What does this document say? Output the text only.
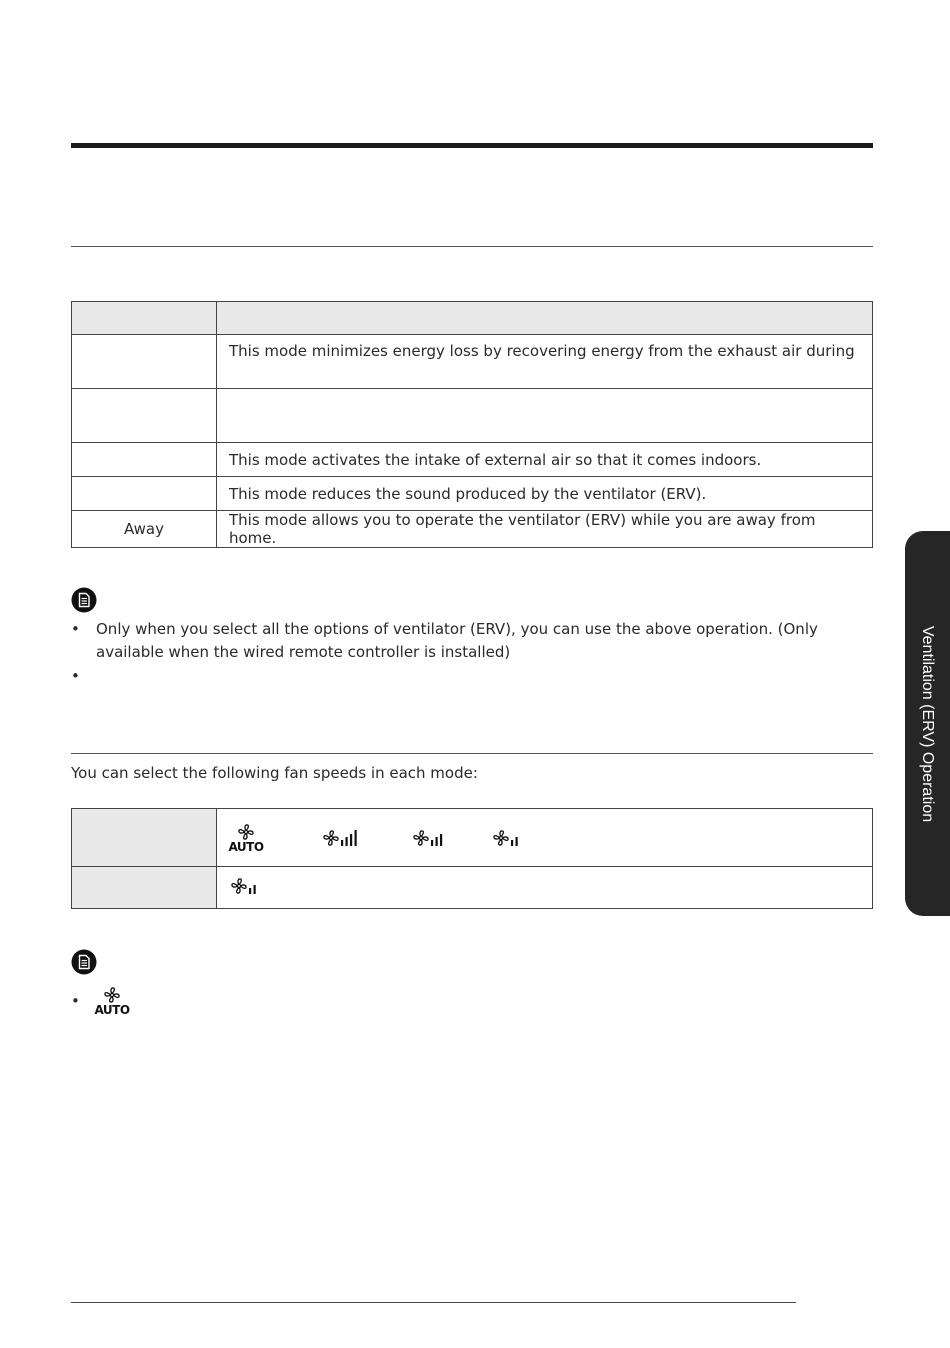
	This mode minimizes energy loss by recovering energy from the exhaust air during

	This mode activates the intake of external air so that it comes indoors.
	This mode reduces the sound produced by the ventilator (ERV).
Away	This mode allows you to operate the ventilator (ERV) while you are away from home.
• Only when you select all the options of ventilator (ERV), you can use the above operation. (Only available when the wired remote controller is installed)
•
You can select the following fan speeds in each mode:

	AUTO

• AUTO
Ventilation (ERV) Operation
